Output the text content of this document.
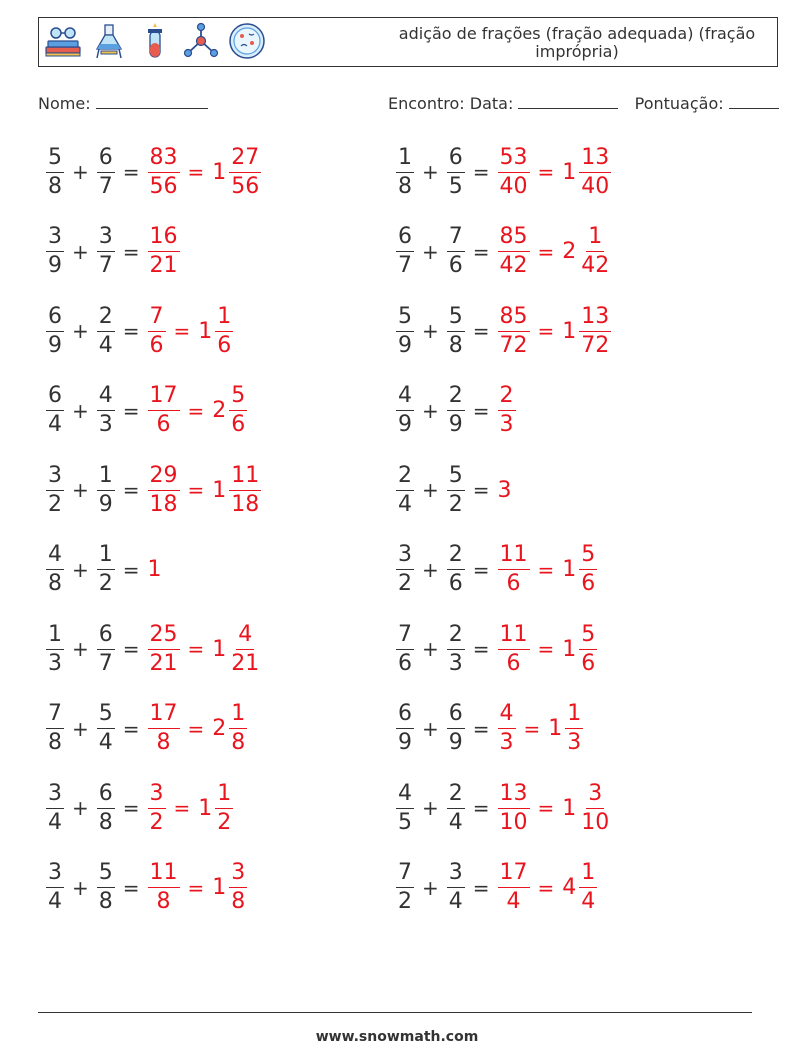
adição de frações (fração adequada) (fração imprópria)
Nome:	Encontro: Data:	Pontuação:
$\frac{5}{8} + \frac{6}{7} = \frac{83}{56} = 1 \frac{27}{56}$
$\frac{3}{9} + \frac{3}{7} = \frac{16}{21}$
$\frac{6}{9} + \frac{2}{4} = \frac{7}{6} = 1 \frac{1}{6}$
$\frac{6}{4} + \frac{4}{3} = \frac{17}{6} = 2 \frac{5}{6}$
$\frac{3}{2} + \frac{1}{9} = \frac{29}{18} = 1 \frac{11}{18}$
$\frac{4}{8} + \frac{1}{2} = 1$
$\frac{1}{3} + \frac{6}{7} = \frac{25}{21} = 1 \frac{4}{21}$
$\frac{7}{8} + \frac{5}{4} = \frac{17}{8} = 2 \frac{1}{8}$
$\frac{3}{4} + \frac{6}{8} = \frac{3}{2} = 1 \frac{1}{2}$
$\frac{3}{4} + \frac{5}{8} = \frac{11}{8} = 1 \frac{3}{8}$
$\frac{1}{8} + \frac{6}{5} = \frac{53}{40} = 1 \frac{13}{40}$
$\frac{6}{7} + \frac{7}{6} = \frac{85}{42} = 2 \frac{1}{42}$
$\frac{5}{9} + \frac{5}{8} = \frac{85}{72} = 1 \frac{13}{72}$
$\frac{4}{9} + \frac{2}{9} = \frac{2}{3}$
$\frac{2}{4} + \frac{5}{2} = 3$
$\frac{3}{2} + \frac{2}{6} = \frac{11}{6} = 1 \frac{5}{6}$
$\frac{7}{6} + \frac{2}{3} = \frac{11}{6} = 1 \frac{5}{6}$
$\frac{6}{9} + \frac{6}{9} = \frac{4}{3} = 1 \frac{1}{3}$
$\frac{4}{5} + \frac{2}{4} = \frac{13}{10} = 1 \frac{3}{10}$
$\frac{7}{2} + \frac{3}{4} = \frac{17}{4} = 4 \frac{1}{4}$
www.snowmath.com
